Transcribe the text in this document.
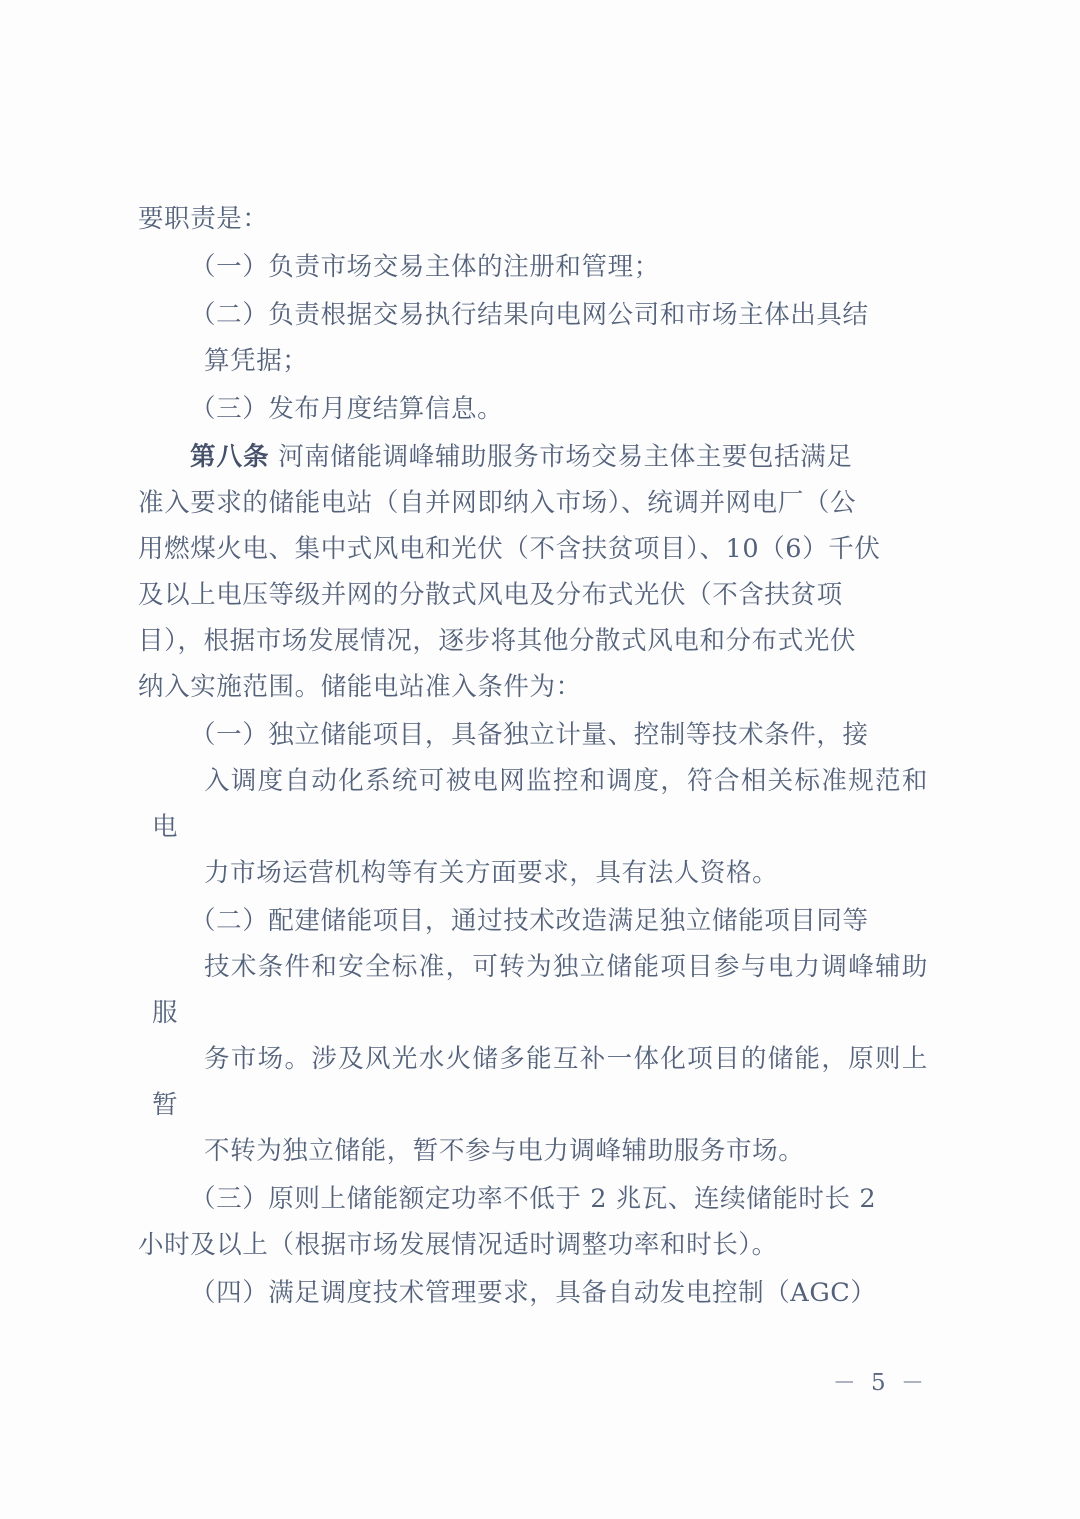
要职责是：

（一）负责市场交易主体的注册和管理；

（二）负责根据交易执行结果向电网公司和市场主体出具结
算凭据；

（三）发布月度结算信息。

第八条 河南储能调峰辅助服务市场交易主体主要包括满足
准入要求的储能电站（自并网即纳入市场）、统调并网电厂（公
用燃煤火电、集中式风电和光伏（不含扶贫项目）、10（6）千伏
及以上电压等级并网的分散式风电及分布式光伏（不含扶贫项
目），根据市场发展情况，逐步将其他分散式风电和分布式光伏
纳入实施范围。储能电站准入条件为：

（一）独立储能项目，具备独立计量、控制等技术条件，接
入调度自动化系统可被电网监控和调度，符合相关标准规范和电
力市场运营机构等有关方面要求，具有法人资格。

（二）配建储能项目，通过技术改造满足独立储能项目同等
技术条件和安全标准，可转为独立储能项目参与电力调峰辅助服
务市场。涉及风光水火储多能互补一体化项目的储能，原则上暂
不转为独立储能，暂不参与电力调峰辅助服务市场。

（三）原则上储能额定功率不低于 2 兆瓦、连续储能时长 2
小时及以上（根据市场发展情况适时调整功率和时长）。

（四）满足调度技术管理要求，具备自动发电控制（AGC）

－ 5 －
